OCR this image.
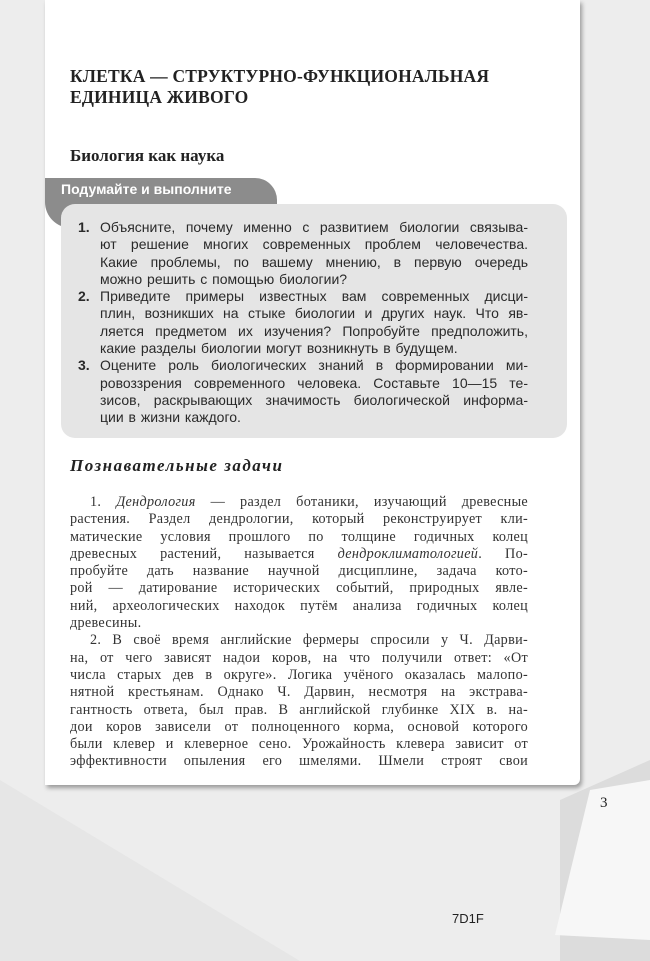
КЛЕТКА — СТРУКТУРНО-ФУНКЦИОНАЛЬНАЯ
ЕДИНИЦА ЖИВОГО
Биология как наука
Подумайте и выполните
1. Объясните, почему именно с развитием биологии связыва-
ют решение многих современных проблем человечества.
Какие проблемы, по вашему мнению, в первую очередь
можно решить с помощью биологии?
2. Приведите примеры известных вам современных дисци-
плин, возникших на стыке биологии и других наук. Что яв-
ляется предметом их изучения? Попробуйте предположить,
какие разделы биологии могут возникнуть в будущем.
3. Оцените роль биологических знаний в формировании ми-
ровоззрения современного человека. Составьте 10—15 те-
зисов, раскрывающих значимость биологической информа-
ции в жизни каждого.
Познавательные задачи
1. Дендрология — раздел ботаники, изучающий древесные
растения. Раздел дендрологии, который реконструирует кли-
матические условия прошлого по толщине годичных колец
древесных растений, называется дендроклиматологией. По-
пробуйте дать название научной дисциплине, задача кото-
рой — датирование исторических событий, природных явле-
ний, археологических находок путём анализа годичных колец
древесины.
2. В своё время английские фермеры спросили у Ч. Дарви-
на, от чего зависят надои коров, на что получили ответ: «От
числа старых дев в округе». Логика учёного оказалась малопо-
нятной крестьянам. Однако Ч. Дарвин, несмотря на экстрава-
гантность ответа, был прав. В английской глубинке XIX в. на-
дои коров зависели от полноценного корма, основой которого
были клевер и клеверное сено. Урожайность клевера зависит от
эффективности опыления его шмелями. Шмели строят свои
3
7D1F
